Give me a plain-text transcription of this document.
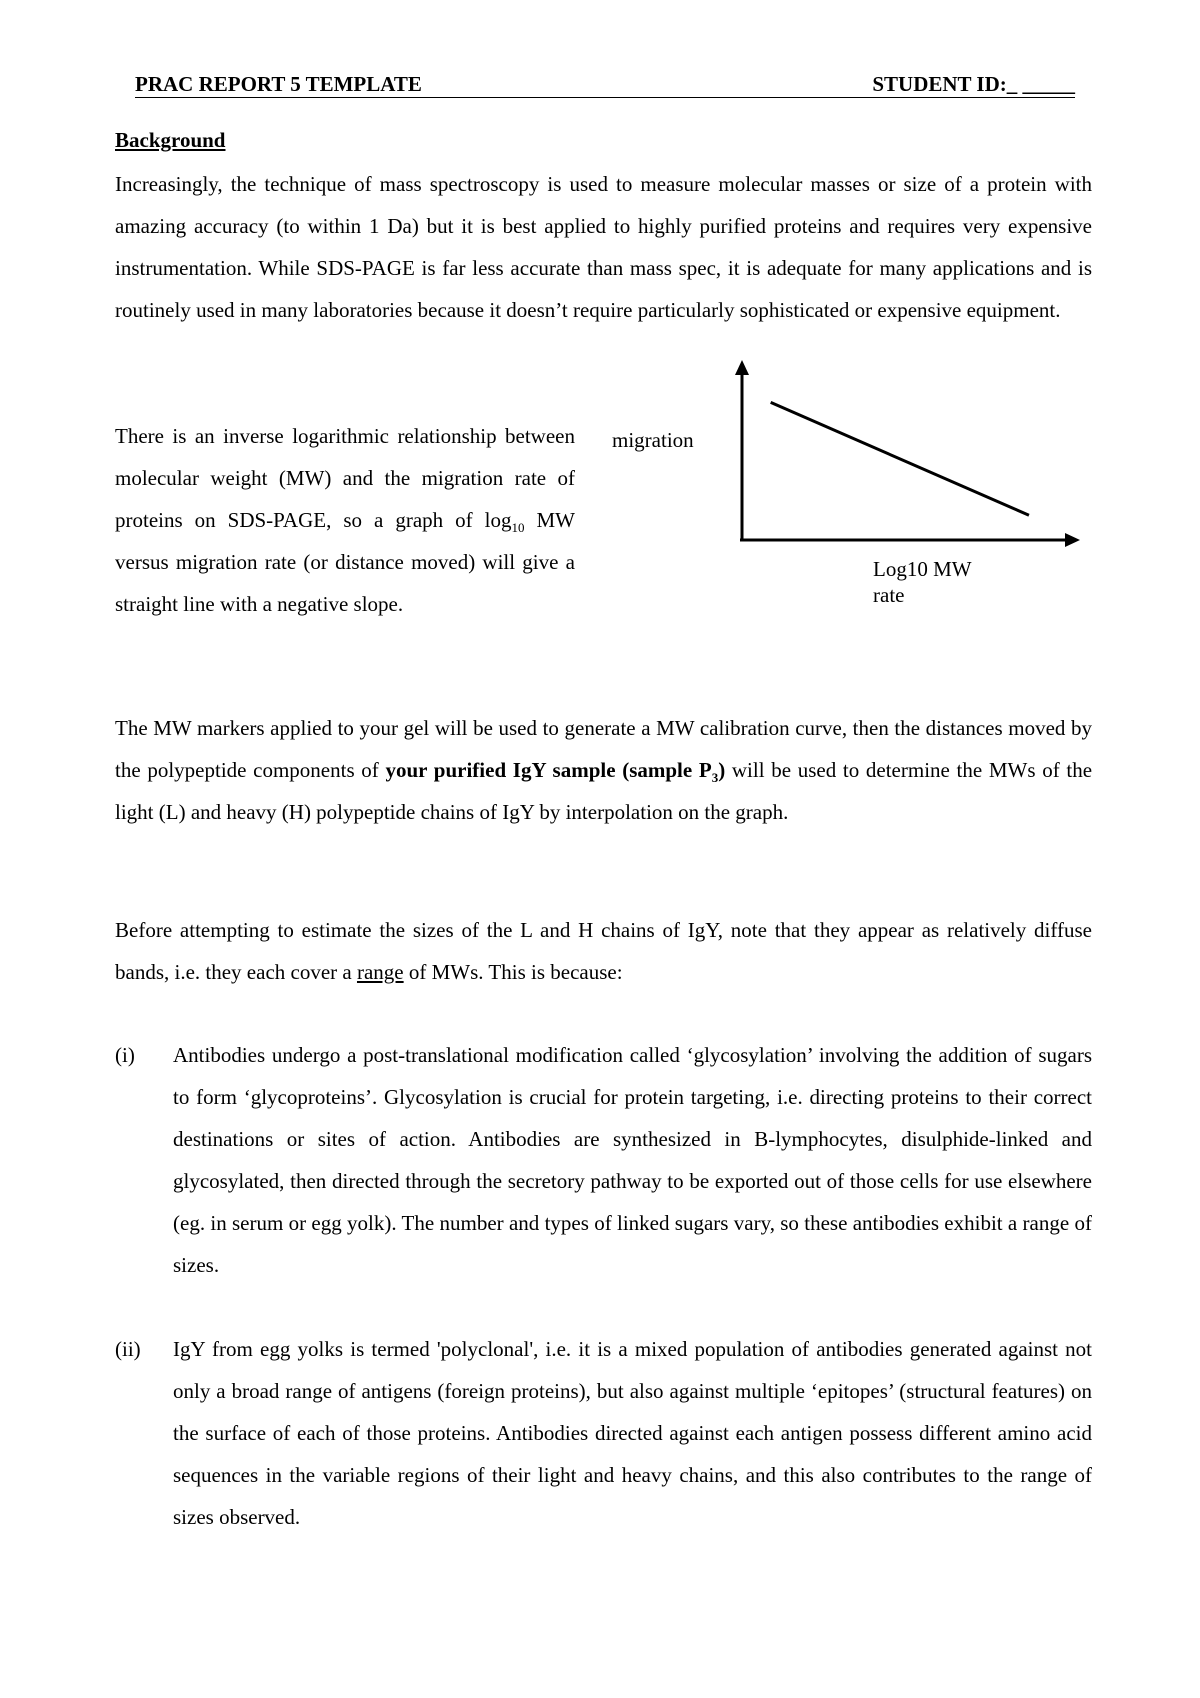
PRAC REPORT 5 TEMPLATE	STUDENT ID:_ _____
Background
Increasingly, the technique of mass spectroscopy is used to measure molecular masses or size of a protein with amazing accuracy (to within 1 Da) but it is best applied to highly purified proteins and requires very expensive instrumentation. While SDS-PAGE is far less accurate than mass spec, it is adequate for many applications and is routinely used in many laboratories because it doesn’t require particularly sophisticated or expensive equipment.
There is an inverse logarithmic relationship between molecular weight (MW) and the migration rate of proteins on SDS-PAGE, so a graph of $\log_{10}$ MW versus migration rate (or distance moved) will give a straight line with a negative slope.
migration
Log10 MW
rate
The MW markers applied to your gel will be used to generate a MW calibration curve, then the distances moved by the polypeptide components of your purified IgY sample (sample $P_3$) will be used to determine the MWs of the light (L) and heavy (H) polypeptide chains of IgY by interpolation on the graph.
Before attempting to estimate the sizes of the L and H chains of IgY, note that they appear as relatively diffuse bands, i.e. they each cover a range of MWs. This is because:
(i) Antibodies undergo a post-translational modification called ‘glycosylation’ involving the addition of sugars to form ‘glycoproteins’. Glycosylation is crucial for protein targeting, i.e. directing proteins to their correct destinations or sites of action. Antibodies are synthesized in B-lymphocytes, disulphide-linked and glycosylated, then directed through the secretory pathway to be exported out of those cells for use elsewhere (eg. in serum or egg yolk). The number and types of linked sugars vary, so these antibodies exhibit a range of sizes.
(ii) IgY from egg yolks is termed 'polyclonal', i.e. it is a mixed population of antibodies generated against not only a broad range of antigens (foreign proteins), but also against multiple ‘epitopes’ (structural features) on the surface of each of those proteins. Antibodies directed against each antigen possess different amino acid sequences in the variable regions of their light and heavy chains, and this also contributes to the range of sizes observed.
